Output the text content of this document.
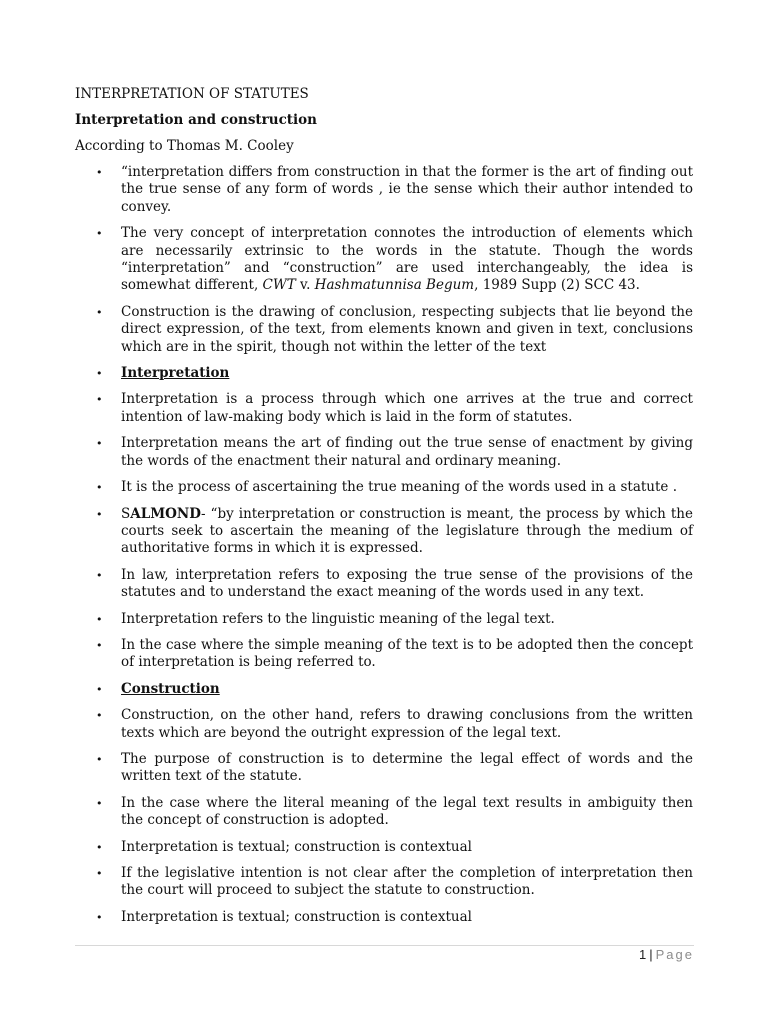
INTERPRETATION OF STATUTES
Interpretation and construction
According to Thomas M. Cooley
• “interpretation differs from construction in that the former is the art of finding out the true sense of any form of words , ie the sense which their author intended to convey.
• The very concept of interpretation connotes the introduction of elements which are necessarily extrinsic to the words in the statute. Though the words “interpretation” and “construction” are used interchangeably, the idea is somewhat different, CWT v. Hashmatunnisa Begum, 1989 Supp (2) SCC 43.
• Construction is the drawing of conclusion, respecting subjects that lie beyond the direct expression, of the text, from elements known and given in text, conclusions which are in the spirit, though not within the letter of the text
• Interpretation
• Interpretation is a process through which one arrives at the true and correct intention of law-making body which is laid in the form of statutes.
• Interpretation means the art of finding out the true sense of enactment by giving the words of the enactment their natural and ordinary meaning.
• It is the process of ascertaining the true meaning of the words used in a statute .
• SALMOND- “by interpretation or construction is meant, the process by which the courts seek to ascertain the meaning of the legislature through the medium of authoritative forms in which it is expressed.
• In law, interpretation refers to exposing the true sense of the provisions of the statutes and to understand the exact meaning of the words used in any text.
• Interpretation refers to the linguistic meaning of the legal text.
• In the case where the simple meaning of the text is to be adopted then the concept of interpretation is being referred to.
• Construction
• Construction, on the other hand, refers to drawing conclusions from the written texts which are beyond the outright expression of the legal text.
• The purpose of construction is to determine the legal effect of words and the written text of the statute.
• In the case where the literal meaning of the legal text results in ambiguity then the concept of construction is adopted.
• Interpretation is textual; construction is contextual
• If the legislative intention is not clear after the completion of interpretation then the court will proceed to subject the statute to construction.
• Interpretation is textual; construction is contextual
1 | Page
